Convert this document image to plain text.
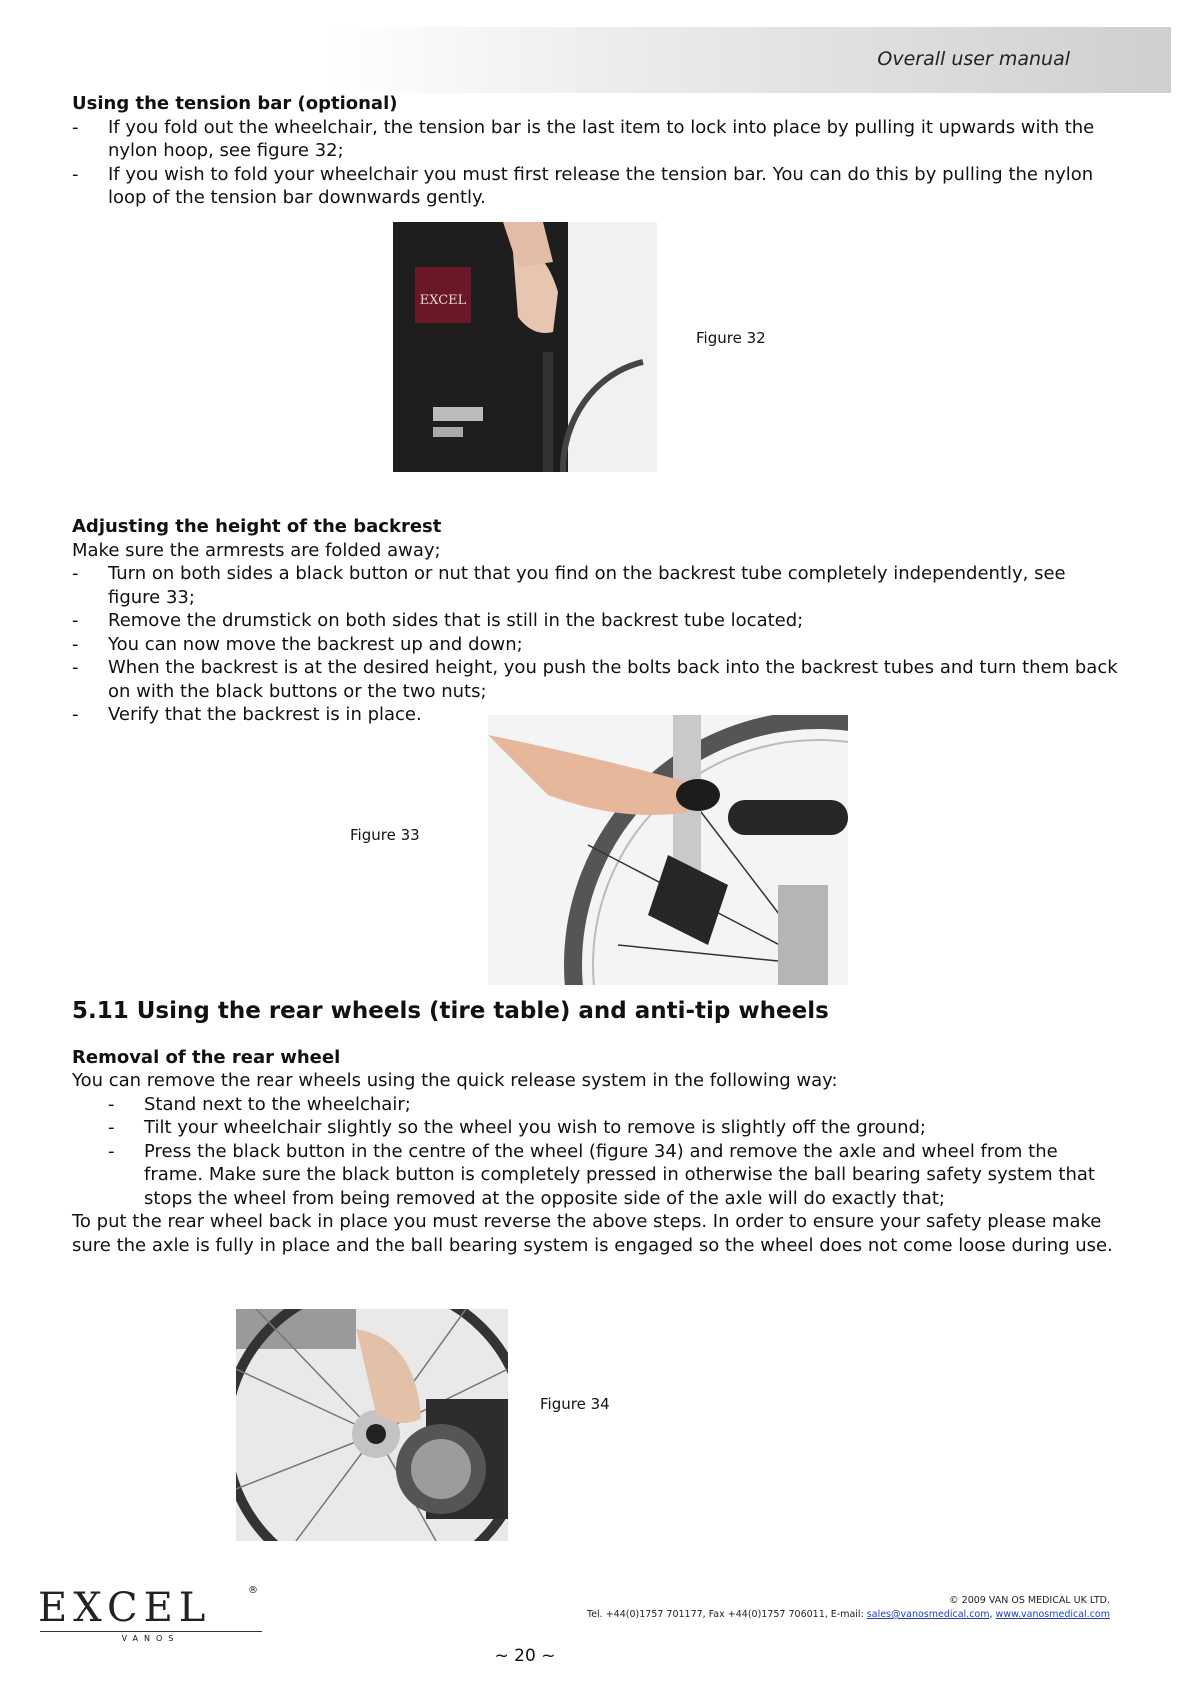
Overall user manual
Using the tension bar (optional)
-	If you fold out the wheelchair, the tension bar is the last item to lock into place by pulling it upwards with the
nylon hoop, see figure 32;
-	If you wish to fold your wheelchair you must first release the tension bar. You can do this by pulling the nylon
loop of the tension bar downwards gently.
EXCEL
Figure 32
Adjusting the height of the backrest

Make sure the armrests are folded away;

-	Turn on both sides a black button or nut that you find on the backrest tube completely independently, see
figure 33;
-	Remove the drumstick on both sides that is still in the backrest tube located;
-	You can now move the backrest up and down;
-	When the backrest is at the desired height, you push the bolts back into the backrest tubes and turn them back
on with the black buttons or the two nuts;
-	Verify that the backrest is in place.
Figure 33
5.11 Using the rear wheels (tire table) and anti-tip wheels
Removal of the rear wheel

You can remove the rear wheels using the quick release system in the following way:

-	Stand next to the wheelchair;
-	Tilt your wheelchair slightly so the wheel you wish to remove is slightly off the ground;
-	Press the black button in the centre of the wheel (figure 34) and remove the axle and wheel from the
frame. Make sure the black button is completely pressed in otherwise the ball bearing safety system that
stops the wheel from being removed at the opposite side of the axle will do exactly that;

To put the rear wheel back in place you must reverse the above steps. In order to ensure your safety please make

sure the axle is fully in place and the ball bearing system is engaged so the wheel does not come loose during use.

Figure 34
EXCEL	®
VANOS
© 2009 VAN OS MEDICAL UK LTD.
Tel. +44(0)1757 701177, Fax +44(0)1757 706011, E-mail: sales@vanosmedical.com, www.vanosmedical.com
~ 20 ~
